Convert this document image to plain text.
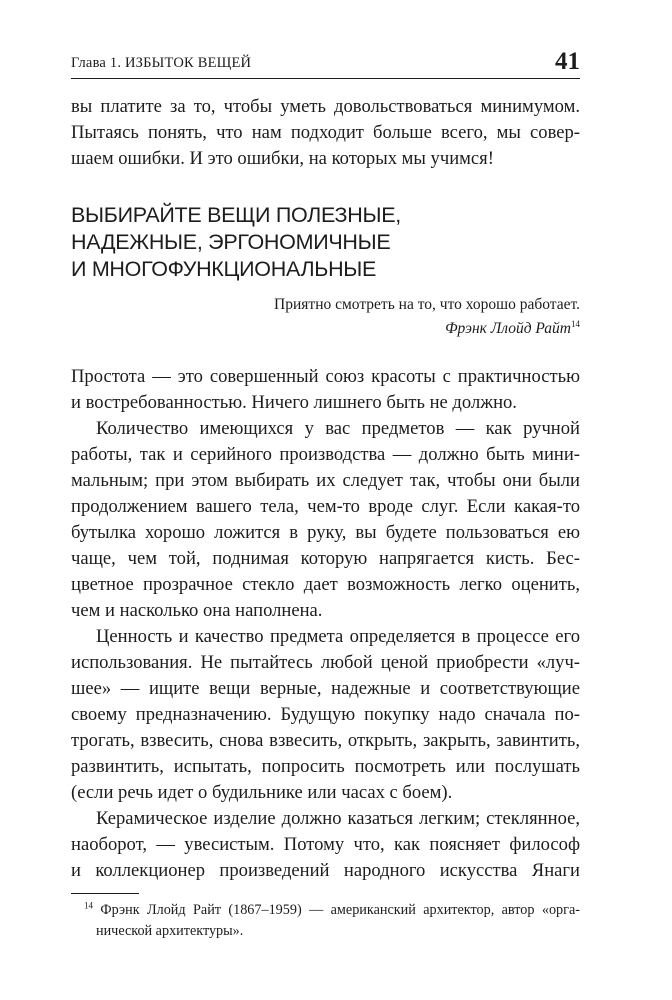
Глава 1. ИЗБЫТОК ВЕЩЕЙ	41
вы платите за то, чтобы уметь довольствоваться минимумом.
Пытаясь понять, что нам подходит больше всего, мы совер-
шаем ошибки. И это ошибки, на которых мы учимся!
ВЫБИРАЙТЕ ВЕЩИ ПОЛЕЗНЫЕ,
НАДЕЖНЫЕ, ЭРГОНОМИЧНЫЕ
И МНОГОФУНКЦИОНАЛЬНЫЕ
Приятно смотреть на то, что хорошо работает.
Фрэнк Ллойд Райт$^{14}$
Простота — это совершенный союз красоты с практичностью
и востребованностью. Ничего лишнего быть не должно.
Количество имеющихся у вас предметов — как ручной
работы, так и серийного производства — должно быть мини-
мальным; при этом выбирать их следует так, чтобы они были
продолжением вашего тела, чем-то вроде слуг. Если какая-то
бутылка хорошо ложится в руку, вы будете пользоваться ею
чаще, чем той, поднимая которую напрягается кисть. Бес-
цветное прозрачное стекло дает возможность легко оценить,
чем и насколько она наполнена.
Ценность и качество предмета определяется в процессе его
использования. Не пытайтесь любой ценой приобрести «луч-
шее» — ищите вещи верные, надежные и соответствующие
своему предназначению. Будущую покупку надо сначала по-
трогать, взвесить, снова взвесить, открыть, закрыть, завинтить,
развинтить, испытать, попросить посмотреть или послушать
(если речь идет о будильнике или часах с боем).
Керамическое изделие должно казаться легким; стеклянное,
наоборот, — увесистым. Потому что, как поясняет философ
и коллекционер произведений народного искусства Янаги
$^{14}$ Фрэнк Ллойд Райт (1867–1959) — американский архитектор, автор «орга-
нической архитектуры».
